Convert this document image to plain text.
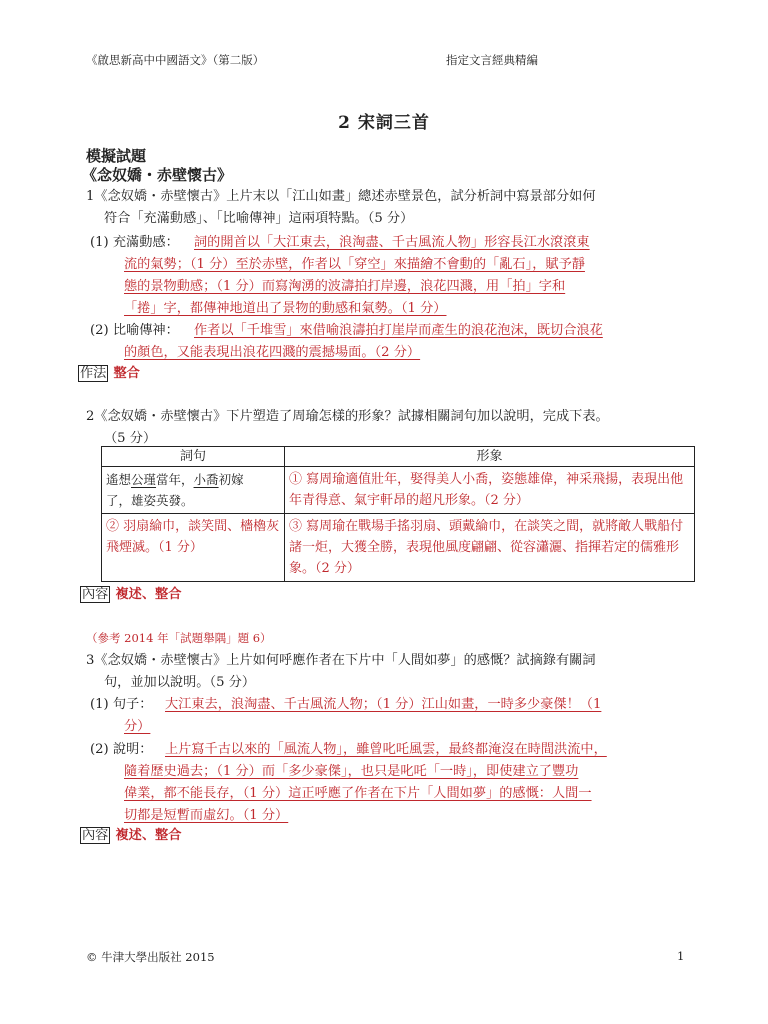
《啟思新高中中國語文》（第二版）	指定文言經典精編
2 宋詞三首
模擬試題
《念奴嬌・赤壁懷古》
1《念奴嬌・赤壁懷古》上片末以「江山如畫」總述赤壁景色，試分析詞中寫景部分如何
符合「充滿動感」、「比喻傳神」這兩項特點。（5 分）
(1) 充滿動感： 詞的開首以「大江東去，浪淘盡、千古風流人物」形容長江水滾滾東
流的氣勢；（1 分）至於赤壁，作者以「穿空」來描繪不會動的「亂石」，賦予靜
態的景物動感；（1 分）而寫洶湧的波濤拍打岸邊，浪花四濺，用「拍」字和
「捲」字，都傳神地道出了景物的動感和氣勢。（1 分）
(2) 比喻傳神： 作者以「千堆雪」來借喻浪濤拍打崖岸而產生的浪花泡沫，既切合浪花
的顏色，又能表現出浪花四濺的震撼場面。（2 分）
作法 整合
2《念奴嬌・赤壁懷古》下片塑造了周瑜怎樣的形象？試據相關詞句加以說明，完成下表。
（5 分）
詞句	形象
遙想公瑾當年，小喬初嫁
了，雄姿英發。	① 寫周瑜適值壯年，娶得美人小喬，姿態雄偉，神采飛揚，表現出他年青得意、氣宇軒昂的超凡形象。（2 分）
② 羽扇綸巾，談笑間、檣櫓灰飛煙滅。（1 分）	③ 寫周瑜在戰場手搖羽扇、頭戴綸巾，在談笑之間，就將敵人戰船付諸一炬，大獲全勝，表現他風度翩翩、從容瀟灑、指揮若定的儒雅形象。（2 分）
內容 複述、整合
（參考 2014 年「試題舉隅」題 6）
3《念奴嬌・赤壁懷古》上片如何呼應作者在下片中「人間如夢」的感慨？試摘錄有關詞
句，並加以說明。（5 分）
(1) 句子： 大江東去，浪淘盡、千古風流人物；（1 分）江山如畫，一時多少豪傑！（1
分）
(2) 說明： 上片寫千古以來的「風流人物」，雖曾叱吒風雲，最終都淹沒在時間洪流中，
隨着歷史過去；（1 分）而「多少豪傑」，也只是叱吒「一時」，即使建立了豐功
偉業，都不能長存，（1 分）這正呼應了作者在下片「人間如夢」的感慨：人間一
切都是短暫而虛幻。（1 分）
內容 複述、整合
© 牛津大學出版社 2015	1
